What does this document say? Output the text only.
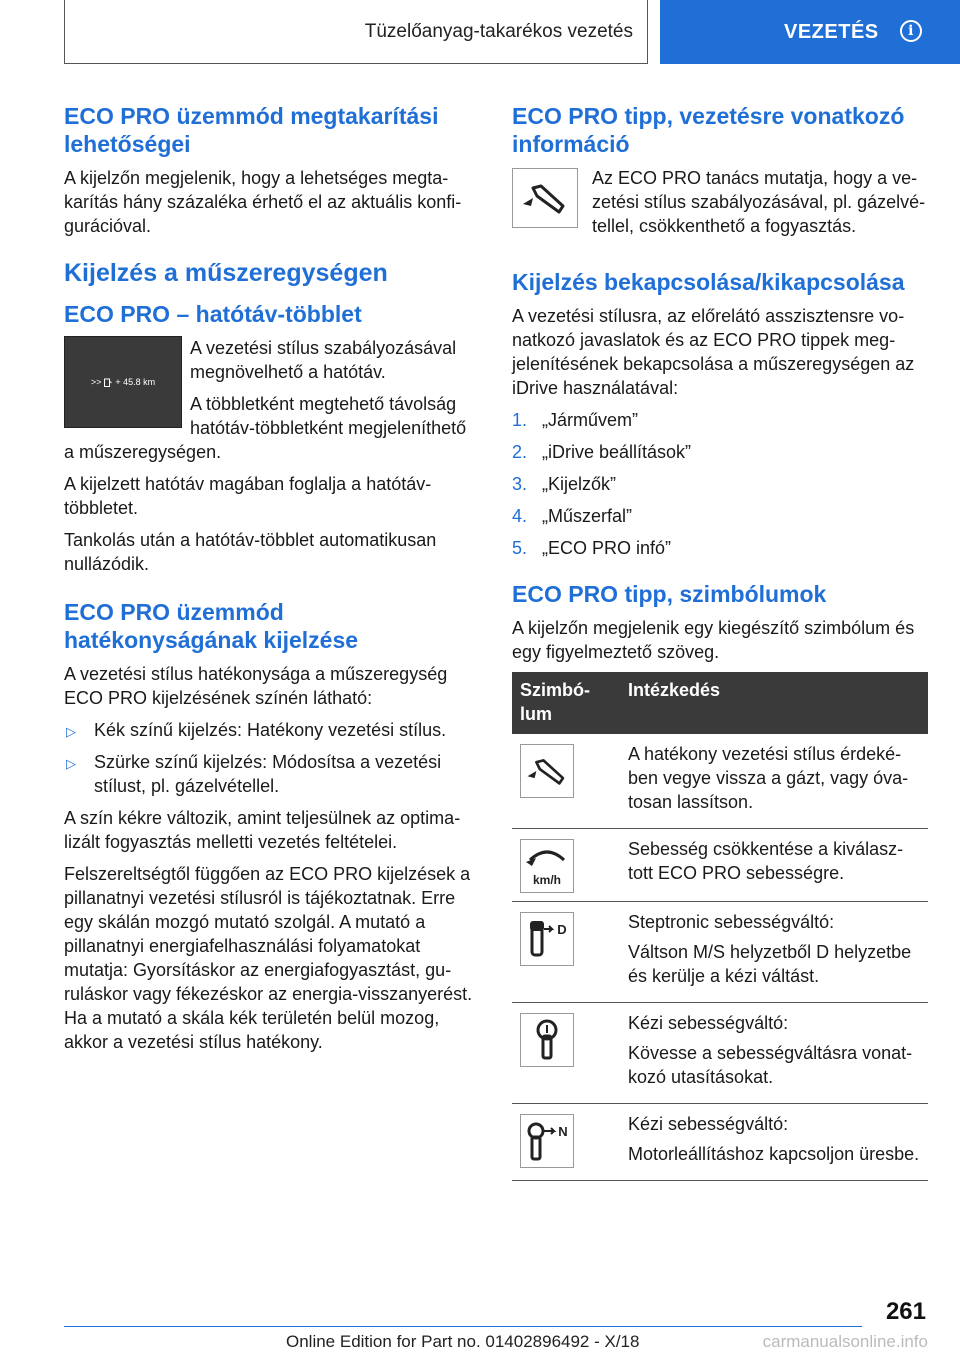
Tüzelőanyag-takarékos vezetés	VEZETÉS	i
ECO PRO üzemmód megtakarítási lehetőségei

A kijelzőn megjelenik, hogy a lehetséges megtakarítás hány százaléka érhető el az aktuális konfigurációval.

Kijelzés a műszeregységen
ECO PRO – hatótáv-többlet
>> + 45.8 km

A vezetési stílus szabályozásával megnövelhető a hatótáv.

A többletként megtehető távolság hatótáv-többletként megjeleníthető a műszeregységen.

A kijelzett hatótáv magában foglalja a hatótáv-többletet.

Tankolás után a hatótáv-többlet automatikusan nullázódik.

ECO PRO üzemmód hatékonyságának kijelzése

A vezetési stílus hatékonysága a műszeregység ECO PRO kijelzésének színén látható:

▷ Kék színű kijelzés: Hatékony vezetési stílus.
▷ Szürke színű kijelzés: Módosítsa a vezetési stílust, pl. gázelvétellel.

A szín kékre változik, amint teljesülnek az optimalizált fogyasztás melletti vezetés feltételei.

Felszereltségtől függően az ECO PRO kijelzések a pillanatnyi vezetési stílusról is tájékoztatnak. Erre egy skálán mozgó mutató szolgál. A mutató a pillanatnyi energiafelhasználási folyamatokat mutatja: Gyorsításkor az energiafogyasztást, guruláskor vagy fékezéskor az energia-visszanyerést. Ha a mutató a skála kék területén belül mozog, akkor a vezetési stílus hatékony.

ECO PRO tipp, vezetésre vonatkozó információ

Az ECO PRO tanács mutatja, hogy a vezetési stílus szabályozásával, pl. gázelvétellel, csökkenthető a fogyasztás.

Kijelzés bekapcsolása/kikapcsolása

A vezetési stílusra, az előrelátó asszisztensre vonatkozó javaslatok és az ECO PRO tippek megjelenítésének bekapcsolása a műszeregységen az iDrive használatával:

1. „Járművem”
2. „iDrive beállítások”
3. „Kijelzők”
4. „Műszerfal”
5. „ECO PRO infó”
ECO PRO tipp, szimbólumok

A kijelzőn megjelenik egy kiegészítő szimbólum és egy figyelmeztető szöveg.

Szimbólum	Intézkedés

A hatékony vezetési stílus érdekében vegye vissza a gázt, vagy óvatosan lassítson.

km/h	Sebesség csökkentése a kiválasztott ECO PRO sebességre.

D	Steptronic sebességváltó:

Váltson M/S helyzetből D helyzetbe és kerülje a kézi váltást.

Kézi sebességváltó:

Kövesse a sebességváltásra vonatkozó utasításokat.

N	Kézi sebességváltó:

Motorleállításhoz kapcsoljon üresbe.

261
Online Edition for Part no. 01402896492 - X/18	carmanualsonline.info
